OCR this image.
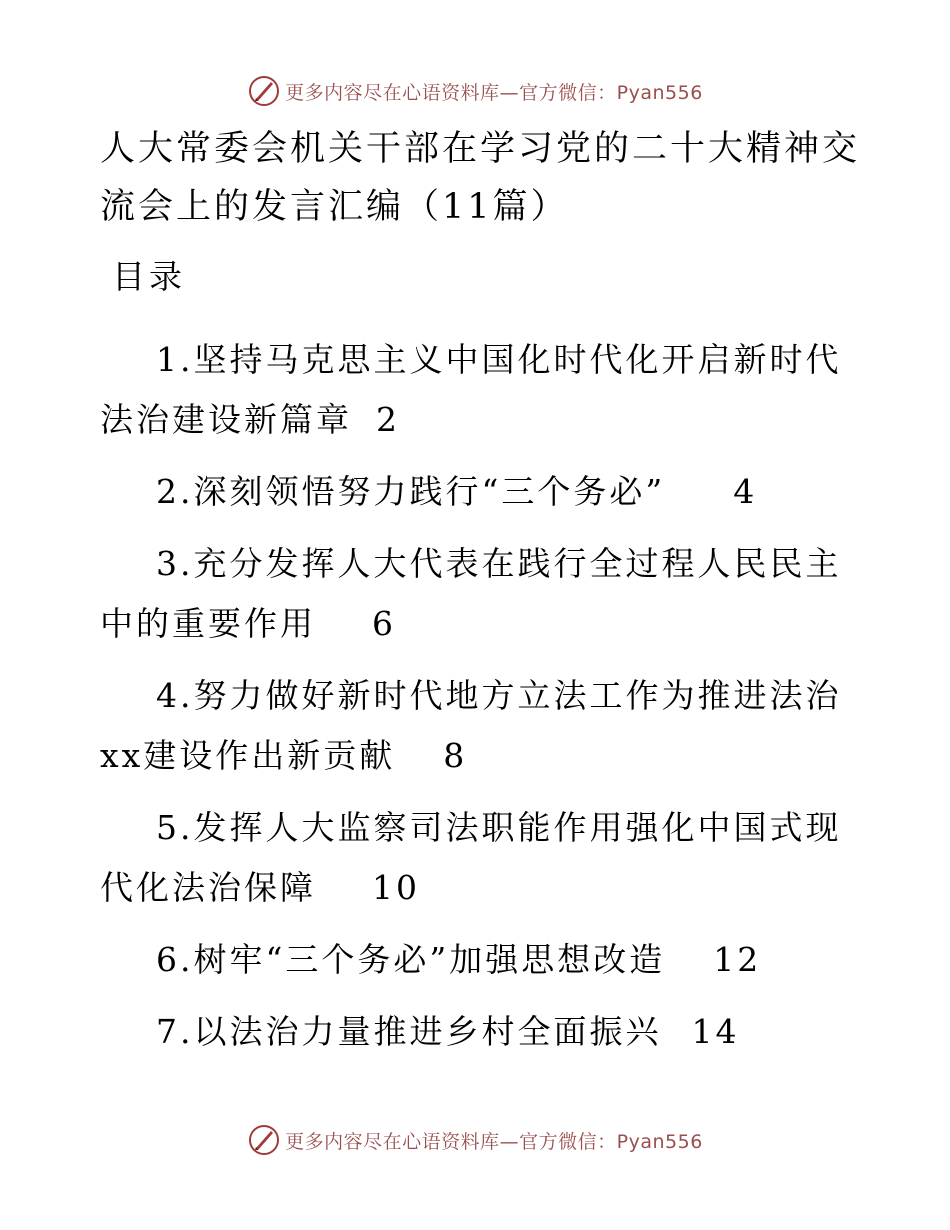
更多内容尽在心语资料库—官方微信：Pyan556
人大常委会机关干部在学习党的二十大精神交流会上的发言汇编（11篇）
目录

1.坚持马克思主义中国化时代化开启新时代法治建设新篇章 2

2.深刻领悟努力践行“三个务必” 4

3.充分发挥人大代表在践行全过程人民民主中的重要作用 6

4.努力做好新时代地方立法工作为推进法治xx建设作出新贡献 8

5.发挥人大监察司法职能作用强化中国式现代化法治保障 10

6.树牢“三个务必”加强思想改造 12

7.以法治力量推进乡村全面振兴 14

更多内容尽在心语资料库—官方微信：Pyan556
